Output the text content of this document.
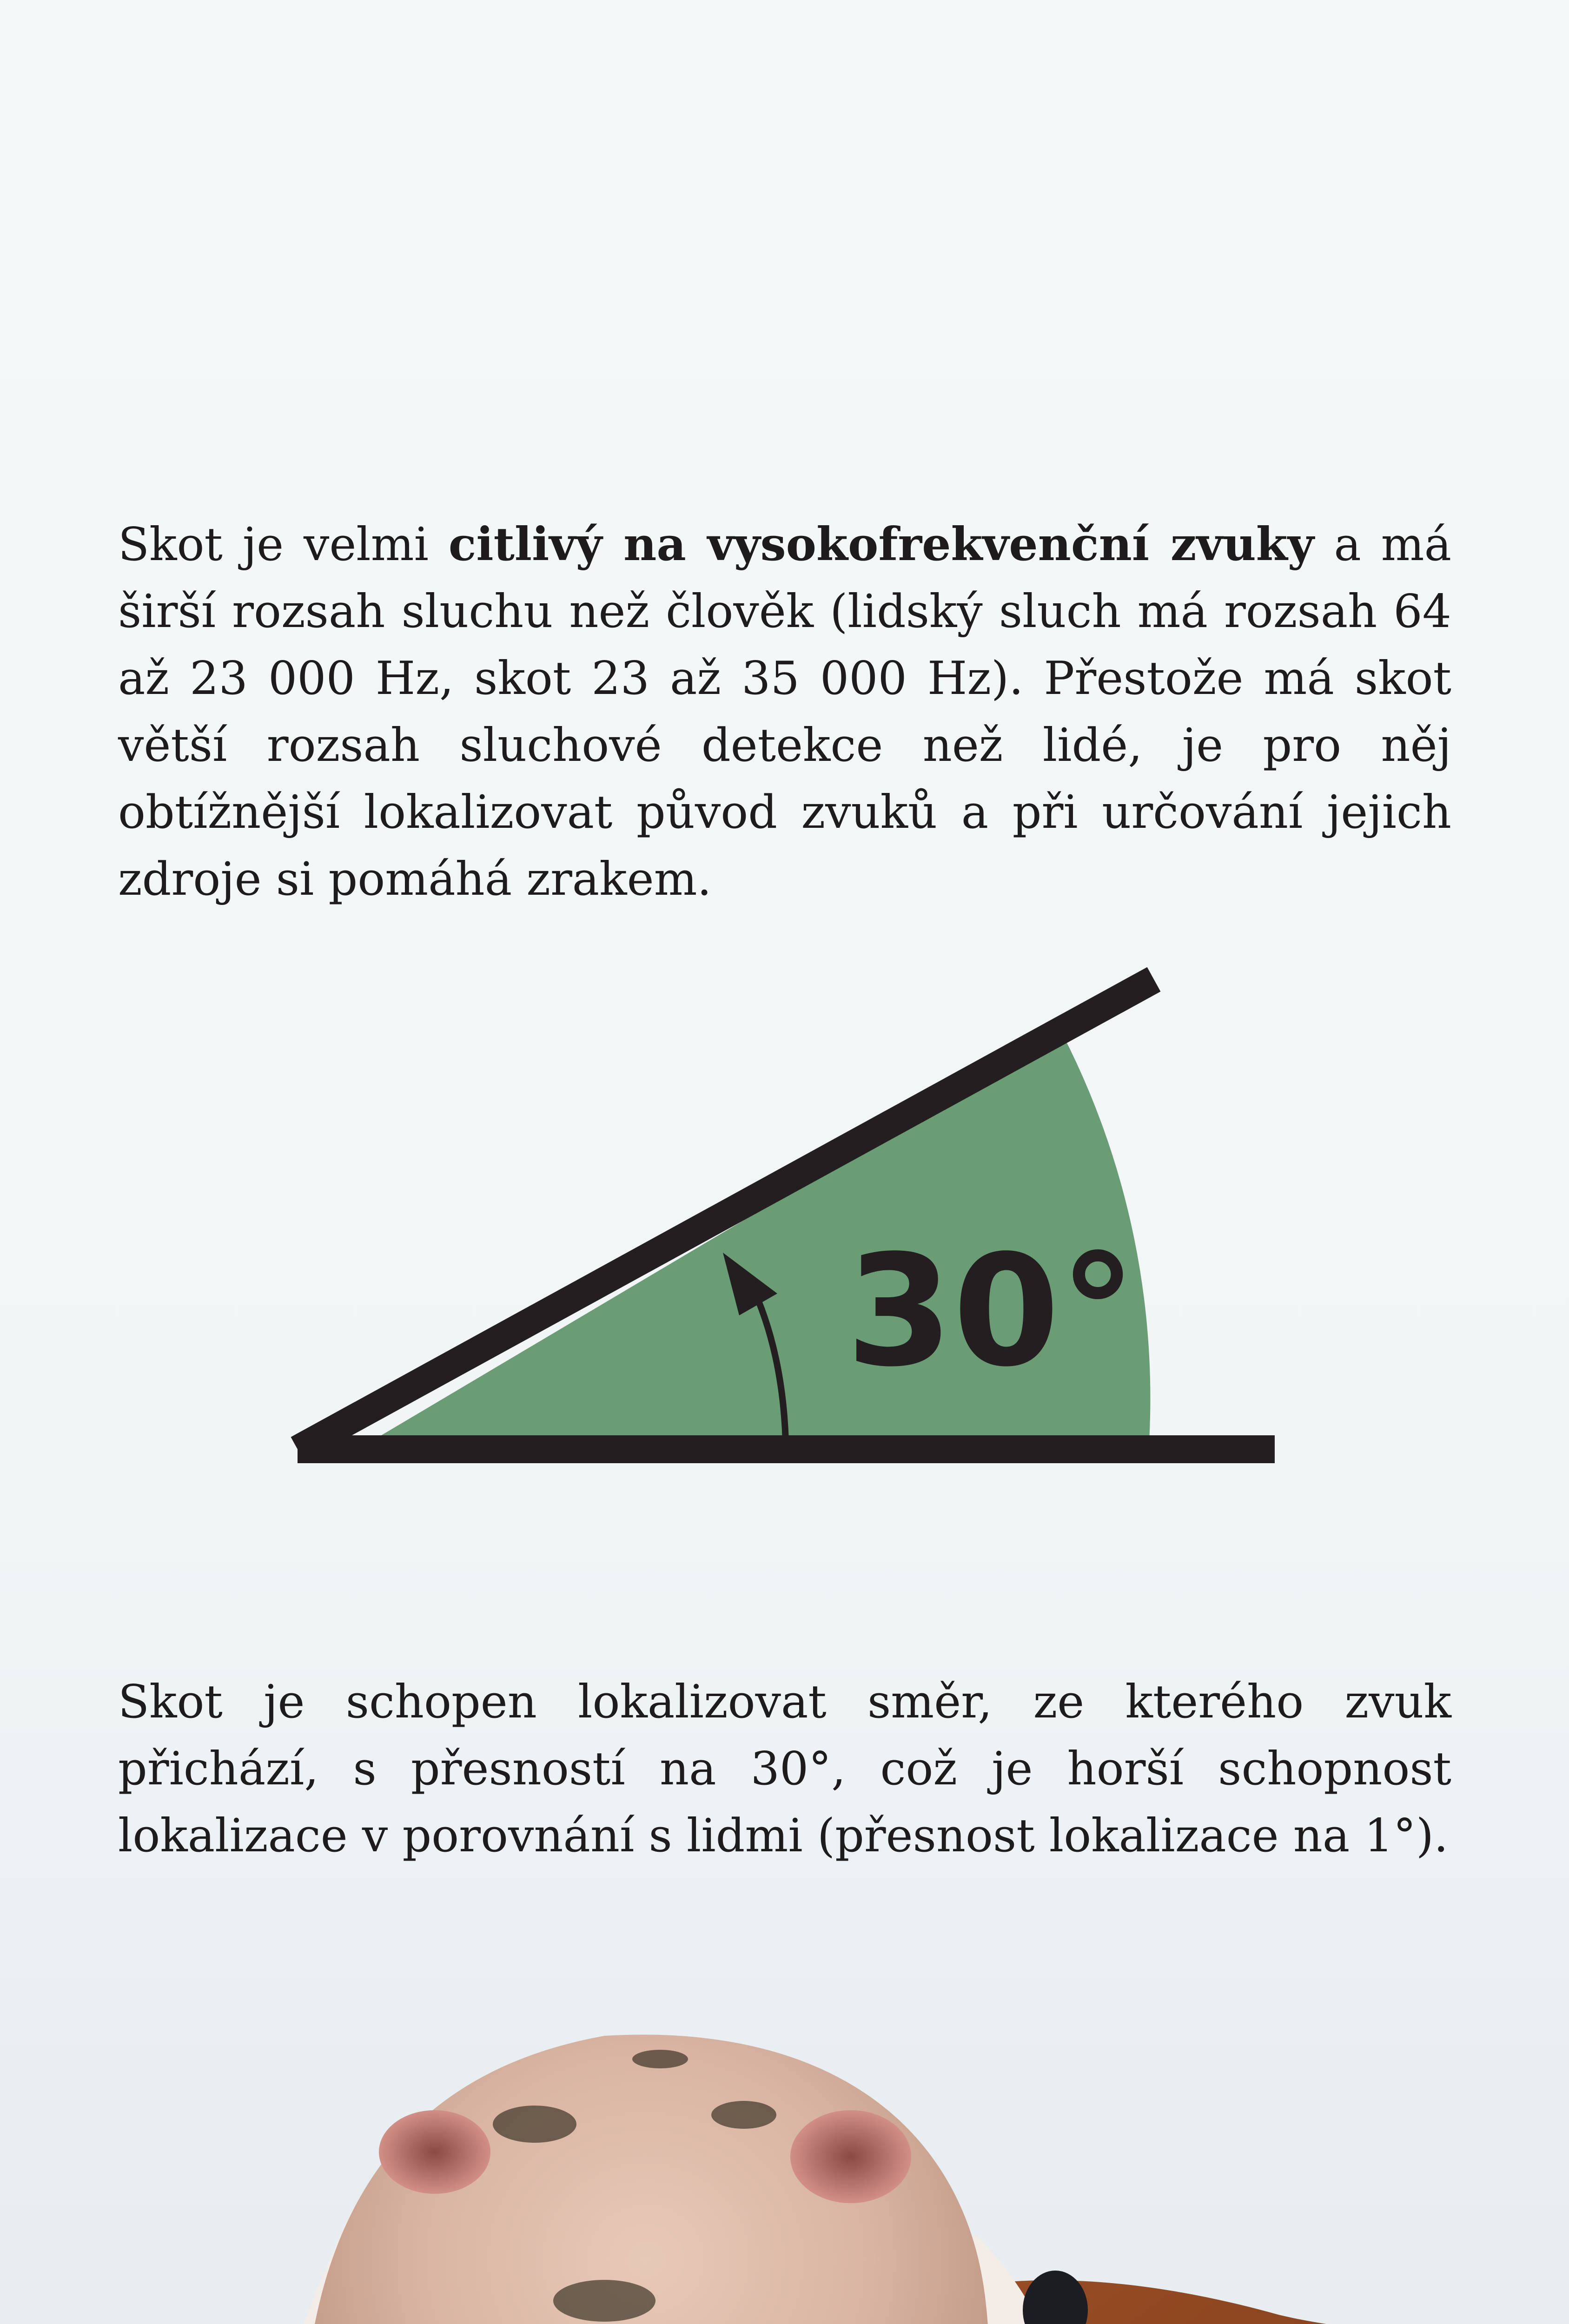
Skot je velmi citlivý na vysokofrekvenční zvuky a má širší rozsah sluchu než člověk (lidský sluch má rozsah 64 až 23 000 Hz, skot 23 až 35 000 Hz). Přestože má skot větší rozsah sluchové detekce než lidé, je pro něj obtížnější lokalizovat původ zvuků a při určování jejich zdroje si pomáhá zrakem.

30°

Skot je schopen lokalizovat směr, ze kterého zvuk přichází, s přesností na 30°, což je horší schopnost lokalizace v porovnání s lidmi (přesnost lokalizace na 1°).
